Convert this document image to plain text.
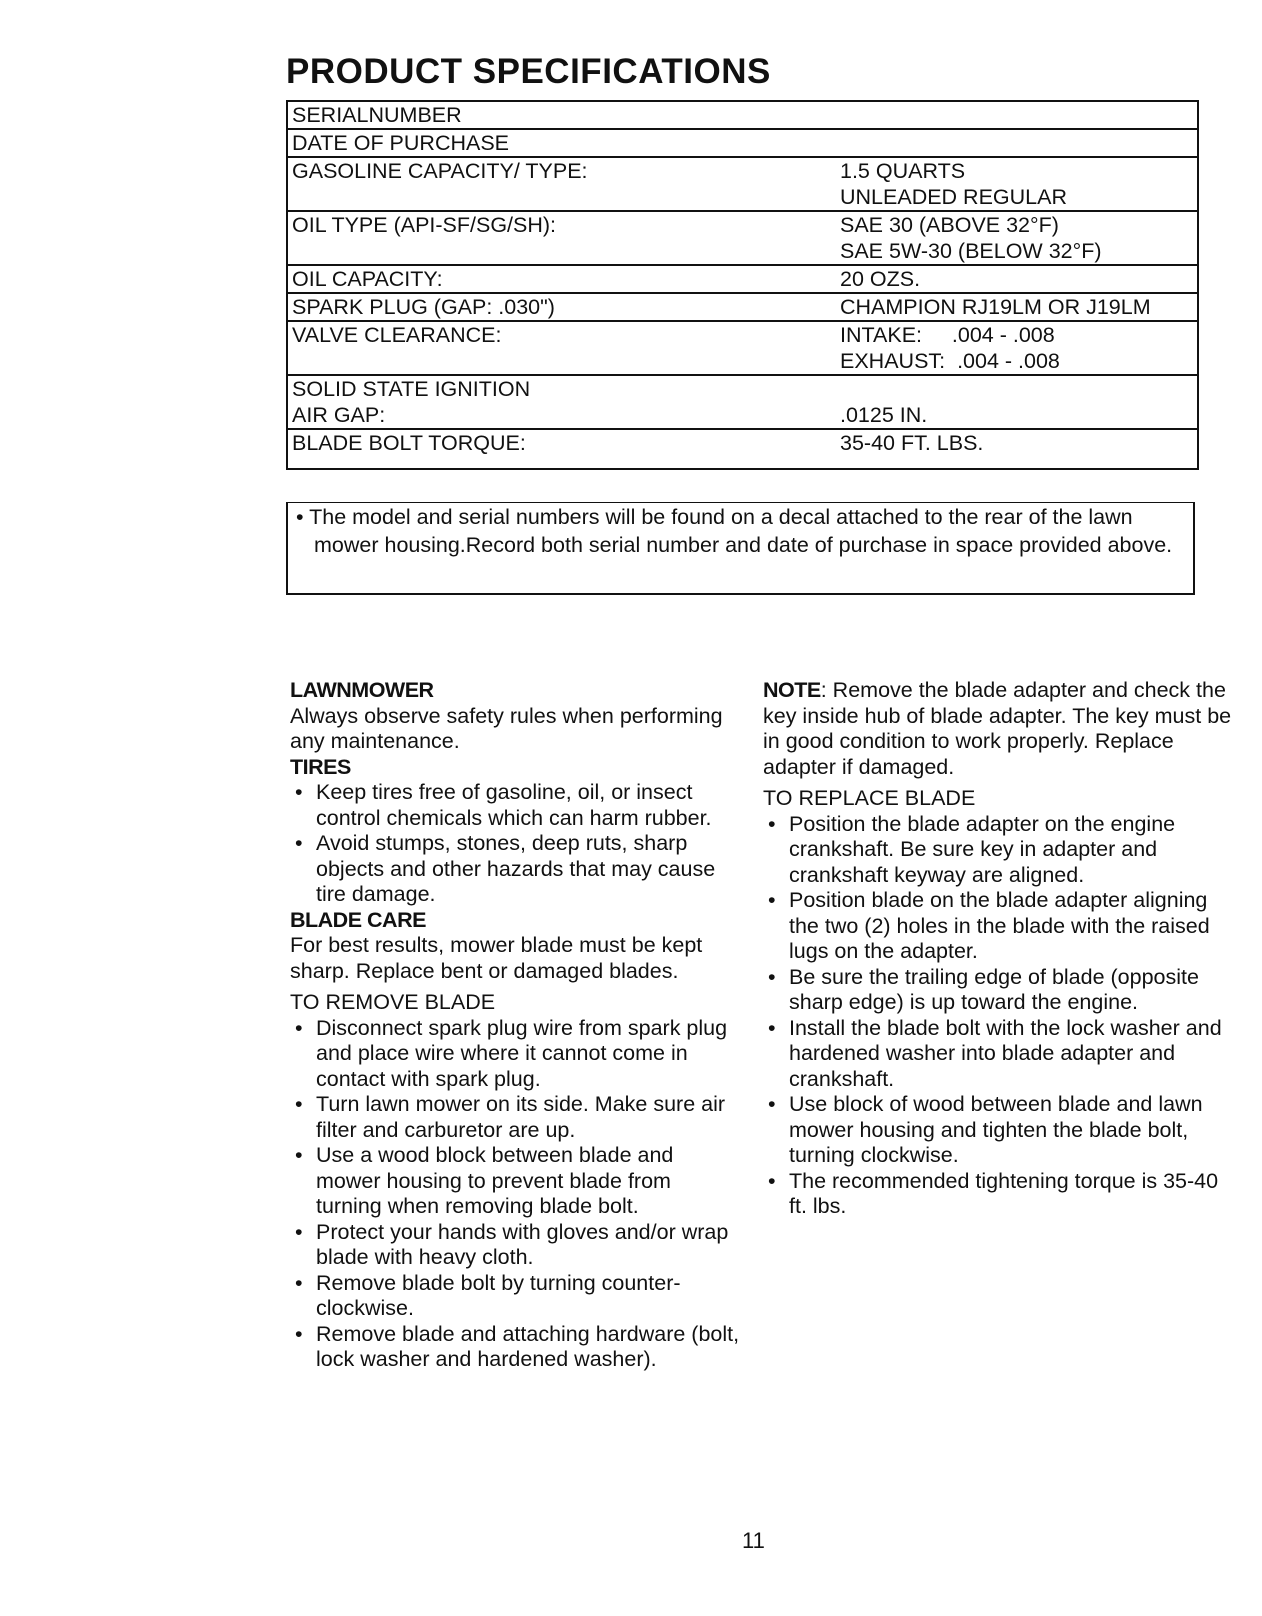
PRODUCT SPECIFICATIONS
SERIALNUMBER	
DATE OF PURCHASE	
GASOLINE CAPACITY/ TYPE:	1.5 QUARTS
UNLEADED REGULAR

OIL TYPE (API-SF/SG/SH):	SAE 30 (ABOVE 32°F)
SAE 5W-30 (BELOW 32°F)

OIL CAPACITY:	20 OZS.

SPARK PLUG (GAP: .030")	CHAMPION RJ19LM OR J19LM

VALVE CLEARANCE:	INTAKE:     .004 - .008
EXHAUST:  .004 - .008

SOLID STATE IGNITION
AIR GAP:	.0125 IN.

BLADE BOLT TORQUE:	35-40 FT. LBS.
• The model and serial numbers will be found on a decal attached to the rear of the lawn mower housing.Record both serial number and date of purchase in space provided above.
LAWNMOWER

Always observe safety rules when performing any maintenance.

TIRES
• Keep tires free of gasoline, oil, or insect control chemicals which can harm rubber.
• Avoid stumps, stones, deep ruts, sharp objects and other hazards that may cause tire damage.
BLADE CARE

For best results, mower blade must be kept sharp. Replace bent or damaged blades.

TO REMOVE BLADE
• Disconnect spark plug wire from spark plug and place wire where it cannot come in contact with spark plug.
• Turn lawn mower on its side. Make sure air filter and carburetor are up.
• Use a wood block between blade and mower housing to prevent blade from turning when removing blade bolt.
• Protect your hands with gloves and/or wrap blade with heavy cloth.
• Remove blade bolt by turning counter-clockwise.
• Remove blade and attaching hardware (bolt, lock washer and hardened washer).

NOTE: Remove the blade adapter and check the key inside hub of blade adapter. The key must be in good condition to work properly. Replace adapter if damaged.

TO REPLACE BLADE
• Position the blade adapter on the engine crankshaft. Be sure key in adapter and crankshaft keyway are aligned.
• Position blade on the blade adapter aligning the two (2) holes in the blade with the raised lugs on the adapter.
• Be sure the trailing edge of blade (opposite sharp edge) is up toward the engine.
• Install the blade bolt with the lock washer and hardened washer into blade adapter and crankshaft.
• Use block of wood between blade and lawn mower housing and tighten the blade bolt, turning clockwise.
• The recommended tightening torque is 35-40 ft. lbs.
11
